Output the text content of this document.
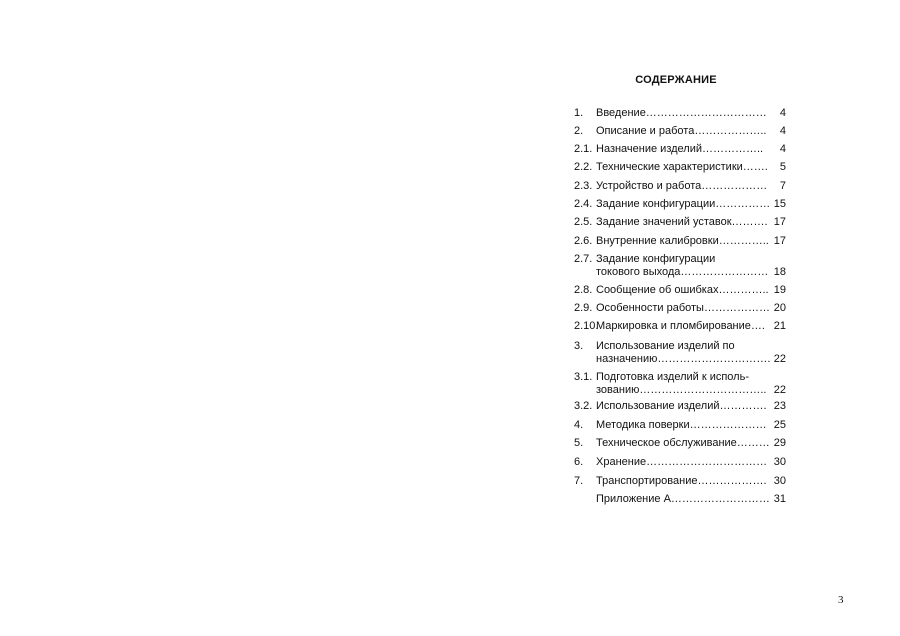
СОДЕРЖАНИЕ
1. Введение…………………………… 4
2. Описание и работа……………….. 4
2.1. Назначение изделий…………….. 4
2.2. Технические характеристики……. 5
2.3. Устройство и работа……………… 7
2.4. Задание конфигурации…………… 15
2.5. Задание значений уставок………. 17
2.6. Внутренние калибровки………….. 17
2.7. Задание конфигурации
токового выхода…………………… 18
2.8. Сообщение об ошибках………….. 19
2.9. Особенности работы……………… 20
2.10.
Маркировка и пломбирование…. 21
3. Использование изделий по
назначению…………………………. 22
3.1. Подготовка изделий к исполь-
зованию…………………………….. 22
3.2. Использование изделий…………. 23
4. Методика поверки………………… 25
5. Техническое обслуживание……… 29
6. Хранение…………………………… 30
7. Транспортирование………………. 30
Приложение А……………………… 31
3
